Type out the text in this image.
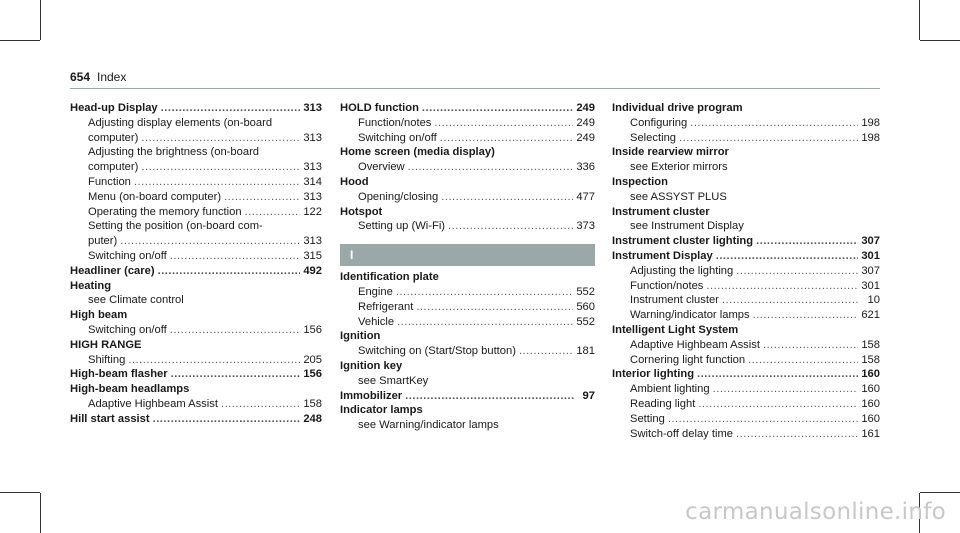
654 Index
Head-up Display .....	313
Adjusting display elements (on-board
computer) .....	313
Adjusting the brightness (on-board
computer) .....	313
Function .....	314
Menu (on-board computer) .....	313
Operating the memory function .....	122
Setting the position (on-board com-
puter) .....	313
Switching on/off .....	315
Headliner (care) .....	492
Heating
see Climate control
High beam
Switching on/off .....	156
HIGH RANGE
Shifting .....	205
High-beam flasher .....	156
High-beam headlamps
Adaptive Highbeam Assist .....	158
Hill start assist .....	248
HOLD function .....	249
Function/notes .....	249
Switching on/off .....	249
Home screen (media display)
Overview .....	336
Hood
Opening/closing .....	477
Hotspot
Setting up (Wi-Fi) .....	373
I
Identification plate
Engine .....	552
Refrigerant .....	560
Vehicle .....	552
Ignition
Switching on (Start/Stop button) .....	181
Ignition key
see SmartKey
Immobilizer .....	97
Indicator lamps
see Warning/indicator lamps
Individual drive program
Configuring .....	198
Selecting .....	198
Inside rearview mirror
see Exterior mirrors
Inspection
see ASSYST PLUS
Instrument cluster
see Instrument Display
Instrument cluster lighting .....	307
Instrument Display .....	301
Adjusting the lighting .....	307
Function/notes .....	301
Instrument cluster .....	10
Warning/indicator lamps .....	621
Intelligent Light System
Adaptive Highbeam Assist .....	158
Cornering light function .....	158
Interior lighting .....	160
Ambient lighting .....	160
Reading light .....	160
Setting .....	160
Switch-off delay time .....	161
carmanualsonline.info
